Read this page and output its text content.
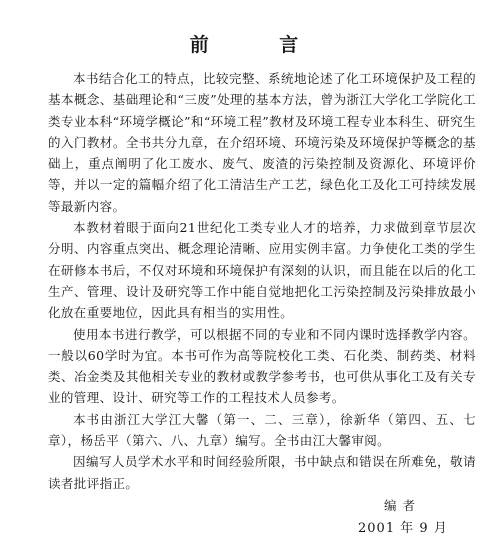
前 言

本书结合化工的特点，比较完整、系统地论述了化工环境保护及工程的基本概念、基础理论和“三废”处理的基本方法，曾为浙江大学化工学院化工类专业本科“环境学概论”和“环境工程”教材及环境工程专业本科生、研究生的入门教材。全书共分九章，在介绍环境、环境污染及环境保护等概念的基础上，重点阐明了化工废水、废气、废渣的污染控制及资源化、环境评价等，并以一定的篇幅介绍了化工清洁生产工艺，绿色化工及化工可持续发展等最新内容。

本教材着眼于面向21世纪化工类专业人才的培养，力求做到章节层次分明、内容重点突出、概念理论清晰、应用实例丰富。力争使化工类的学生在研修本书后，不仅对环境和环境保护有深刻的认识，而且能在以后的化工生产、管理、设计及研究等工作中能自觉地把化工污染控制及污染排放最小化放在重要地位，因此具有相当的实用性。

使用本书进行教学，可以根据不同的专业和不同内课时选择教学内容。一般以60学时为宜。本书可作为高等院校化工类、石化类、制药类、材料类、冶金类及其他相关专业的教材或教学参考书，也可供从事化工及有关专业的管理、设计、研究等工作的工程技术人员参考。

本书由浙江大学江大馨（第一、二、三章），徐新华（第四、五、七章），杨岳平（第六、八、九章）编写。全书由江大馨审阅。

因编写人员学术水平和时间经验所限，书中缺点和错误在所难免，敬请读者批评指正。

编者
2001 年 9 月
